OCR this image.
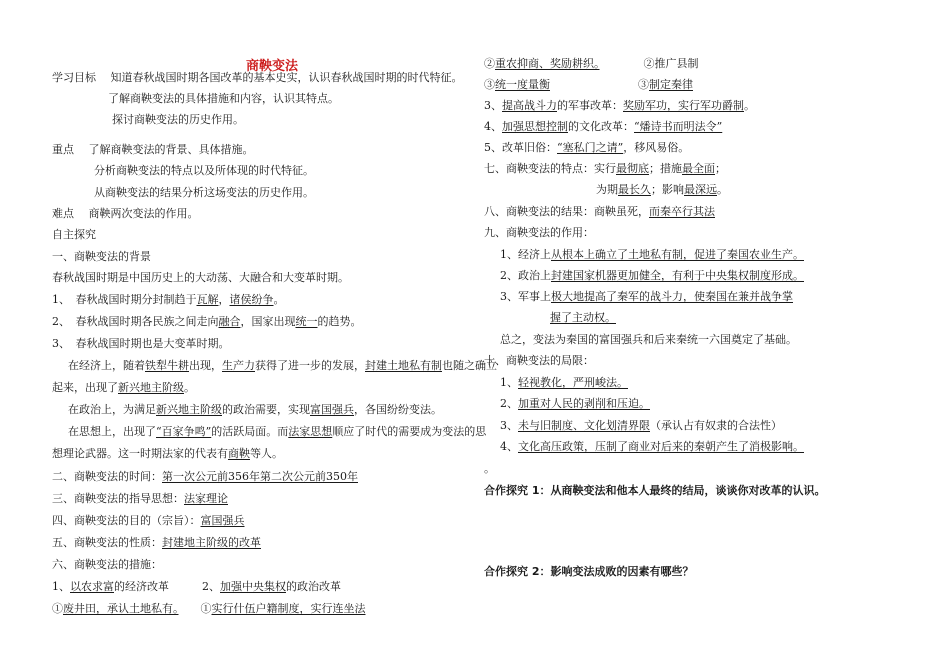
商鞅变法
学习目标　 知道春秋战国时期各国改革的基本史实，认识春秋战国时期的时代特征。
了解商鞅变法的具体措施和内容，认识其特点。
探讨商鞅变法的历史作用。
重点　 了解商鞅变法的背景、具体措施。
分析商鞅变法的特点以及所体现的时代特征。
从商鞅变法的结果分析这场变法的历史作用。
难点　 商鞅两次变法的作用。
自主探究
一、商鞅变法的背景
春秋战国时期是中国历史上的大动荡、大融合和大变革时期。
1、　春秋战国时期分封制趋于瓦解，诸侯纷争。
2、　春秋战国时期各民族之间走向融合，国家出现统一的趋势。
3、　春秋战国时期也是大变革时期。
在经济上，随着铁犁牛耕出现，生产力获得了进一步的发展，封建土地私有制也随之确立
起来，出现了新兴地主阶级。
在政治上，为满足新兴地主阶级的政治需要，实现富国强兵，各国纷纷变法。
在思想上，出现了“百家争鸣”的活跃局面。而法家思想顺应了时代的需要成为变法的思
想理论武器。这一时期法家的代表有商鞅等人。
二、商鞅变法的时间：第一次公元前356年第二次公元前350年
三、商鞅变法的指导思想：法家理论
四、商鞅变法的目的（宗旨）：富国强兵
五、商鞅变法的性质：封建地主阶级的改革
六、商鞅变法的措施：
1、以农求富的经济改革　　　2、加强中央集权的政治改革
①废井田，承认土地私有。　　①实行什伍户籍制度，实行连坐法
②重农抑商、奖励耕织。　　　　②推广县制
③统一度量衡　　　　　　　　③制定秦律
3、提高战斗力的军事改革：奖励军功，实行军功爵制。
4、加强思想控制的文化改革：“燔诗书而明法令”
5、改革旧俗：“塞私门之请”，移风易俗。
七、商鞅变法的特点：实行最彻底；措施最全面；
为期最长久；影响最深远。
八、商鞅变法的结果：商鞅虽死，而秦卒行其法
九、商鞅变法的作用：
1、经济上从根本上确立了土地私有制，促进了秦国农业生产。
2、政治上封建国家机器更加健全，有利于中央集权制度形成。
3、军事上极大地提高了秦军的战斗力，使秦国在兼并战争掌
握了主动权。
总之，变法为秦国的富国强兵和后来秦统一六国奠定了基础。
十、商鞅变法的局限：
1、轻视教化，严刑峻法。
2、加重对人民的剥削和压迫。
3、未与旧制度、文化划清界限（承认占有奴隶的合法性）
4、文化高压政策，压制了商业对后来的秦朝产生了消极影响。
。
合作探究 1：从商鞅变法和他本人最终的结局，谈谈你对改革的认识。
合作探究 2：影响变法成败的因素有哪些？
